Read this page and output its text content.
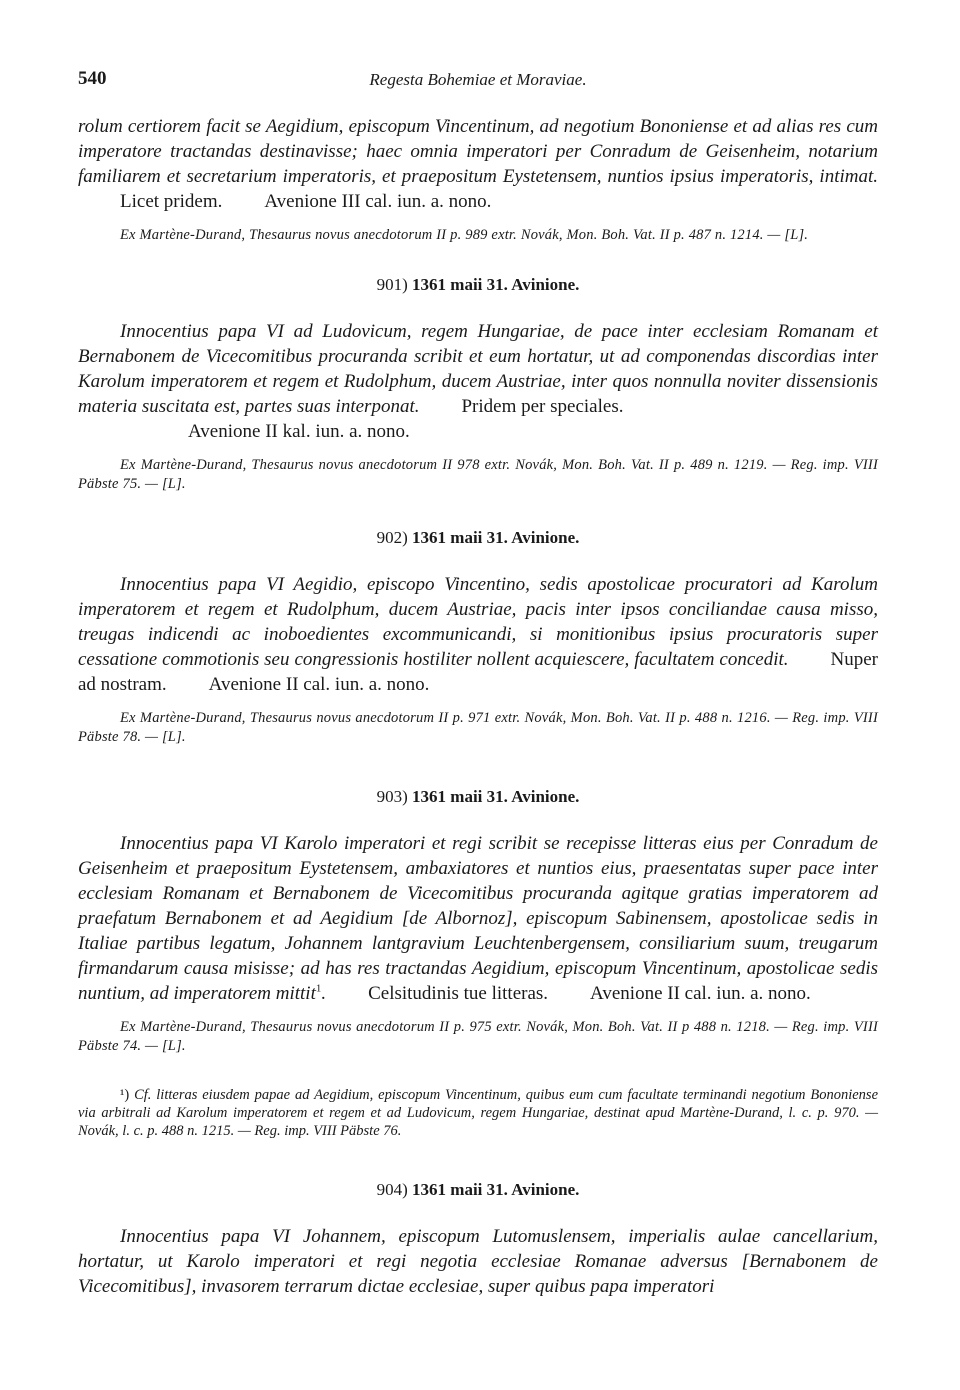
540	Regesta Bohemiae et Moraviae.

rolum certiorem facit se Aegidium, episcopum Vincentinum, ad negotium Bononiense et ad alias res cum imperatore tractandas destinavisse; haec omnia imperatori per Conradum de Geisenheim, notarium familiarem et secretarium imperatoris, et praepositum Eystetensem, nuntios ipsius imperatoris, intimat.Licet pridem. Avenione III cal. iun. a. nono.

Ex Martène-Durand, Thesaurus novus anecdotorum II p. 989 extr. Novák, Mon. Boh. Vat. II p. 487 n. 1214. — [L].

901) 1361 maii 31. Avinione.

Innocentius papa VI ad Ludovicum, regem Hungariae, de pace inter ecclesiam Romanam et Bernabonem de Vicecomitibus procuranda scribit et eum hortatur, ut ad componendas discordias inter Karolum imperatorem et regem et Rudolphum, ducem Austriae, inter quos nonnulla noviter dissensionis materia suscitata est, partes suas interponat. Pridem per speciales.
Avenione II kal. iun. a. nono.

Ex Martène-Durand, Thesaurus novus anecdotorum II 978 extr. Novák, Mon. Boh. Vat. II p. 489 n. 1219. — Reg. imp. VIII Päbste 75. — [L].

902) 1361 maii 31. Avinione.

Innocentius papa VI Aegidio, episcopo Vincentino, sedis apostolicae procuratori ad Karolum imperatorem et regem et Rudolphum, ducem Austriae, pacis inter ipsos conciliandae causa misso, treugas indicendi ac inoboedientes excommunicandi, si monitionibus ipsius procuratoris super cessatione commotionis seu congressionis hostiliter nollent acquiescere, facultatem concedit. Nuper ad nostram. Avenione II cal. iun. a. nono.

Ex Martène-Durand, Thesaurus novus anecdotorum II p. 971 extr. Novák, Mon. Boh. Vat. II p. 488 n. 1216. — Reg. imp. VIII Päbste 78. — [L].

903) 1361 maii 31. Avinione.

Innocentius papa VI Karolo imperatori et regi scribit se recepisse litteras eius per Conradum de Geisenheim et praepositum Eystetensem, ambaxiatores et nuntios eius, praesentatas super pace inter ecclesiam Romanam et Bernabonem de Vicecomitibus procuranda agitque gratias imperatorem ad praefatum Bernabonem et ad Aegidium [de Albornoz], episcopum Sabinensem, apostolicae sedis in Italiae partibus legatum, Johannem lantgravium Leuchtenbergensem, consiliarium suum, treugarum firmandarum causa misisse; ad has res tractandas Aegidium, episcopum Vincentinum, apostolicae sedis nuntium, ad imperatorem mittit$^1$. Celsitudinis tue litteras. Avenione II cal. iun. a. nono.

Ex Martène-Durand, Thesaurus novus anecdotorum II p. 975 extr. Novák, Mon. Boh. Vat. II p 488 n. 1218. — Reg. imp. VIII Päbste 74. — [L].

¹) Cf. litteras eiusdem papae ad Aegidium, episcopum Vincentinum, quibus eum cum facultate terminandi negotium Bononiense via arbitrali ad Karolum imperatorem et regem et ad Ludovicum, regem Hungariae, destinat apud Martène-Durand, l. c. p. 970. — Novák, l. c. p. 488 n. 1215. — Reg. imp. VIII Päbste 76.

904) 1361 maii 31. Avinione.

Innocentius papa VI Johannem, episcopum Lutomuslensem, imperialis aulae cancellarium, hortatur, ut Karolo imperatori et regi negotia ecclesiae Romanae adversus [Bernabonem de Vicecomitibus], invasorem terrarum dictae ecclesiae, super quibus papa imperatori
